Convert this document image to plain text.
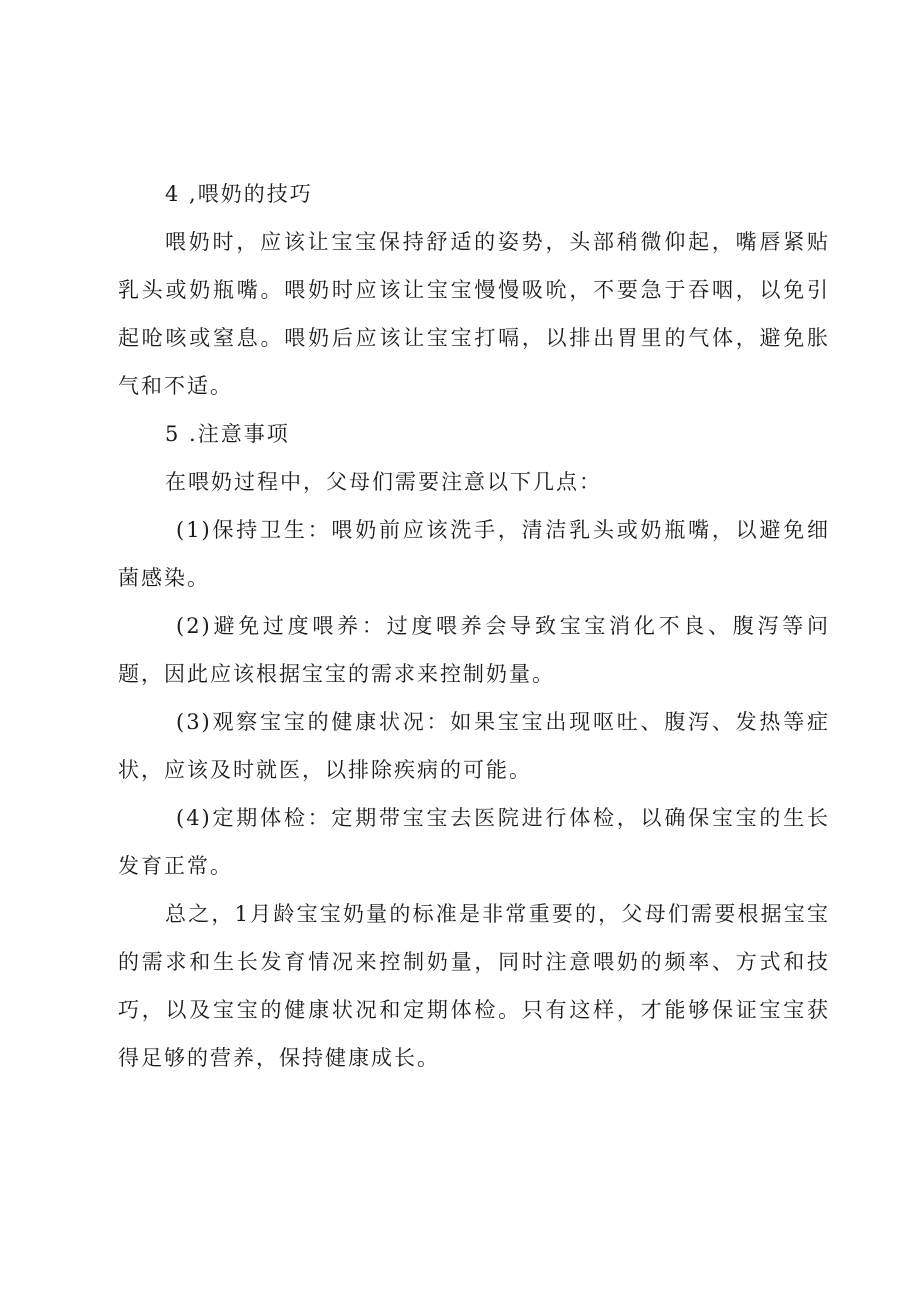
4 ,喂奶的技巧

喂奶时，应该让宝宝保持舒适的姿势，头部稍微仰起，嘴唇紧贴乳头或奶瓶嘴。喂奶时应该让宝宝慢慢吸吮，不要急于吞咽，以免引起呛咳或窒息。喂奶后应该让宝宝打嗝，以排出胃里的气体，避免胀气和不适。

5 .注意事项

在喂奶过程中，父母们需要注意以下几点：

(1)保持卫生：喂奶前应该洗手，清洁乳头或奶瓶嘴，以避免细菌感染。

(2)避免过度喂养：过度喂养会导致宝宝消化不良、腹泻等问题，因此应该根据宝宝的需求来控制奶量。

(3)观察宝宝的健康状况：如果宝宝出现呕吐、腹泻、发热等症状，应该及时就医，以排除疾病的可能。

(4)定期体检：定期带宝宝去医院进行体检，以确保宝宝的生长发育正常。

总之，1月龄宝宝奶量的标准是非常重要的，父母们需要根据宝宝的需求和生长发育情况来控制奶量，同时注意喂奶的频率、方式和技巧，以及宝宝的健康状况和定期体检。只有这样，才能够保证宝宝获得足够的营养，保持健康成长。
